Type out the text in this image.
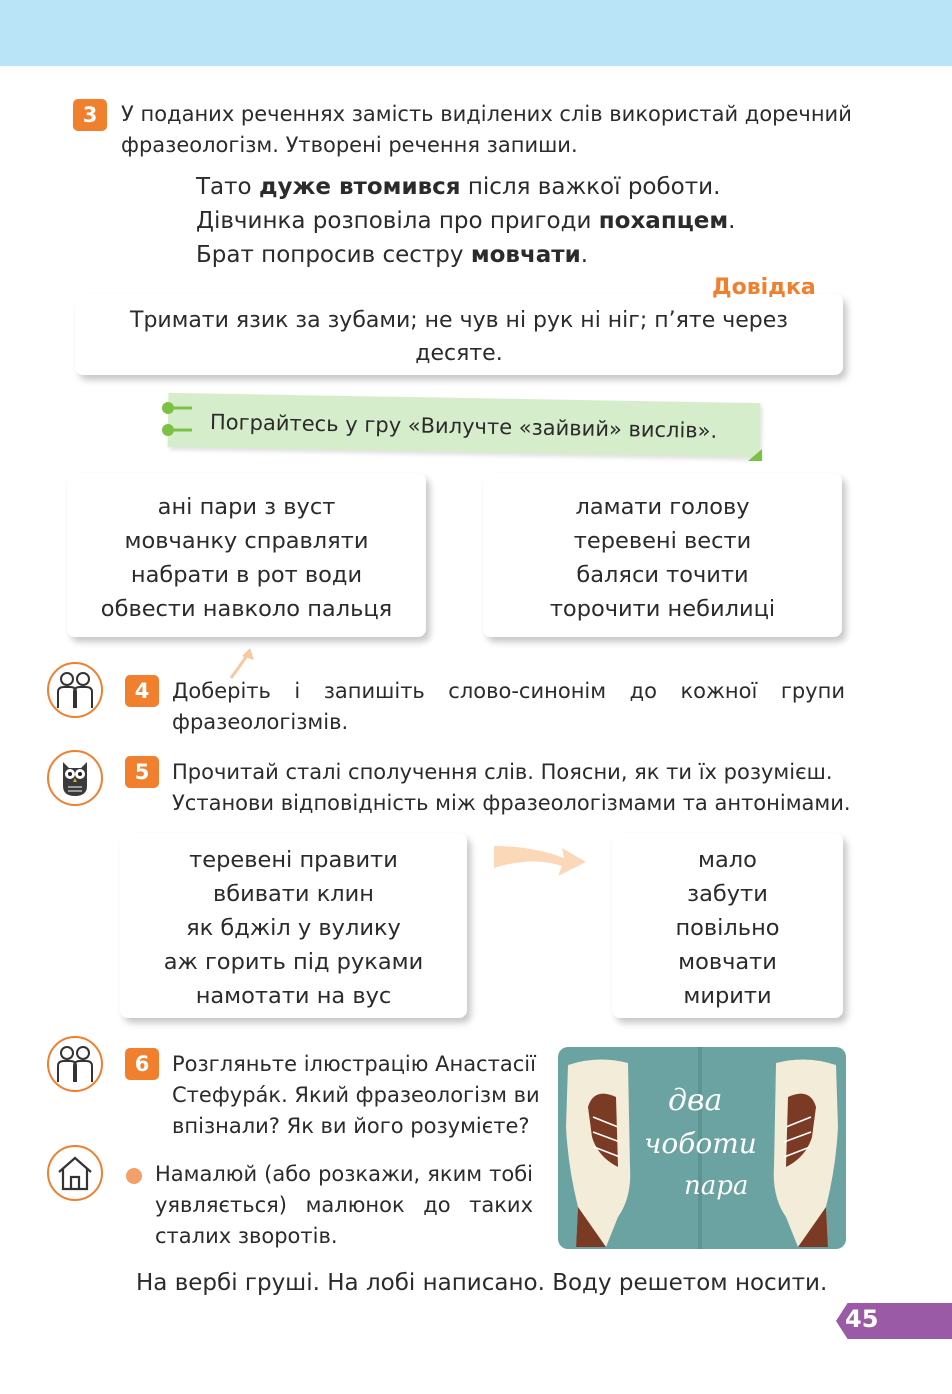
3	У поданих реченнях замість виділених слів використай доречний
фразеологізм. Утворені речення запиши.
Тато дуже втомився після важкої роботи.
Дівчинка розповіла про пригоди похапцем.
Брат попросив сестру мовчати.
Довідка
Тримати язик за зубами; не чув ні рук ні ніг; п’яте через
десяте.
Пограйтесь у гру «Вилучте «зайвий» вислів».
ані пари з вуст
мовчанку справляти
набрати в рот води
обвести навколо пальця
ламати голову
теревені вести
баляси точити
торочити небилиці
4	Доберіть і запишіть слово-синонім до кожної групи
фразеологізмів.
5	Прочитай сталі сполучення слів. Поясни, як ти їх розумієш.
Установи відповідність між фразеологізмами та антонімами.
теревені правити
вбивати клин
як бджіл у вулику
аж горить під руками
намотати на вус
мало
забути
повільно
мовчати
мирити
6	Розгляньте ілюстрацію Анастасії
Стефура́к. Який фразеологізм ви
впізнали? Як ви його розумієте?
Намалюй (або розкажи, яким тобі
уявляється) малюнок до таких
сталих зворотів.
два
чоботи
пара
На вербі груші. На лобі написано. Воду решетом носити.
45
